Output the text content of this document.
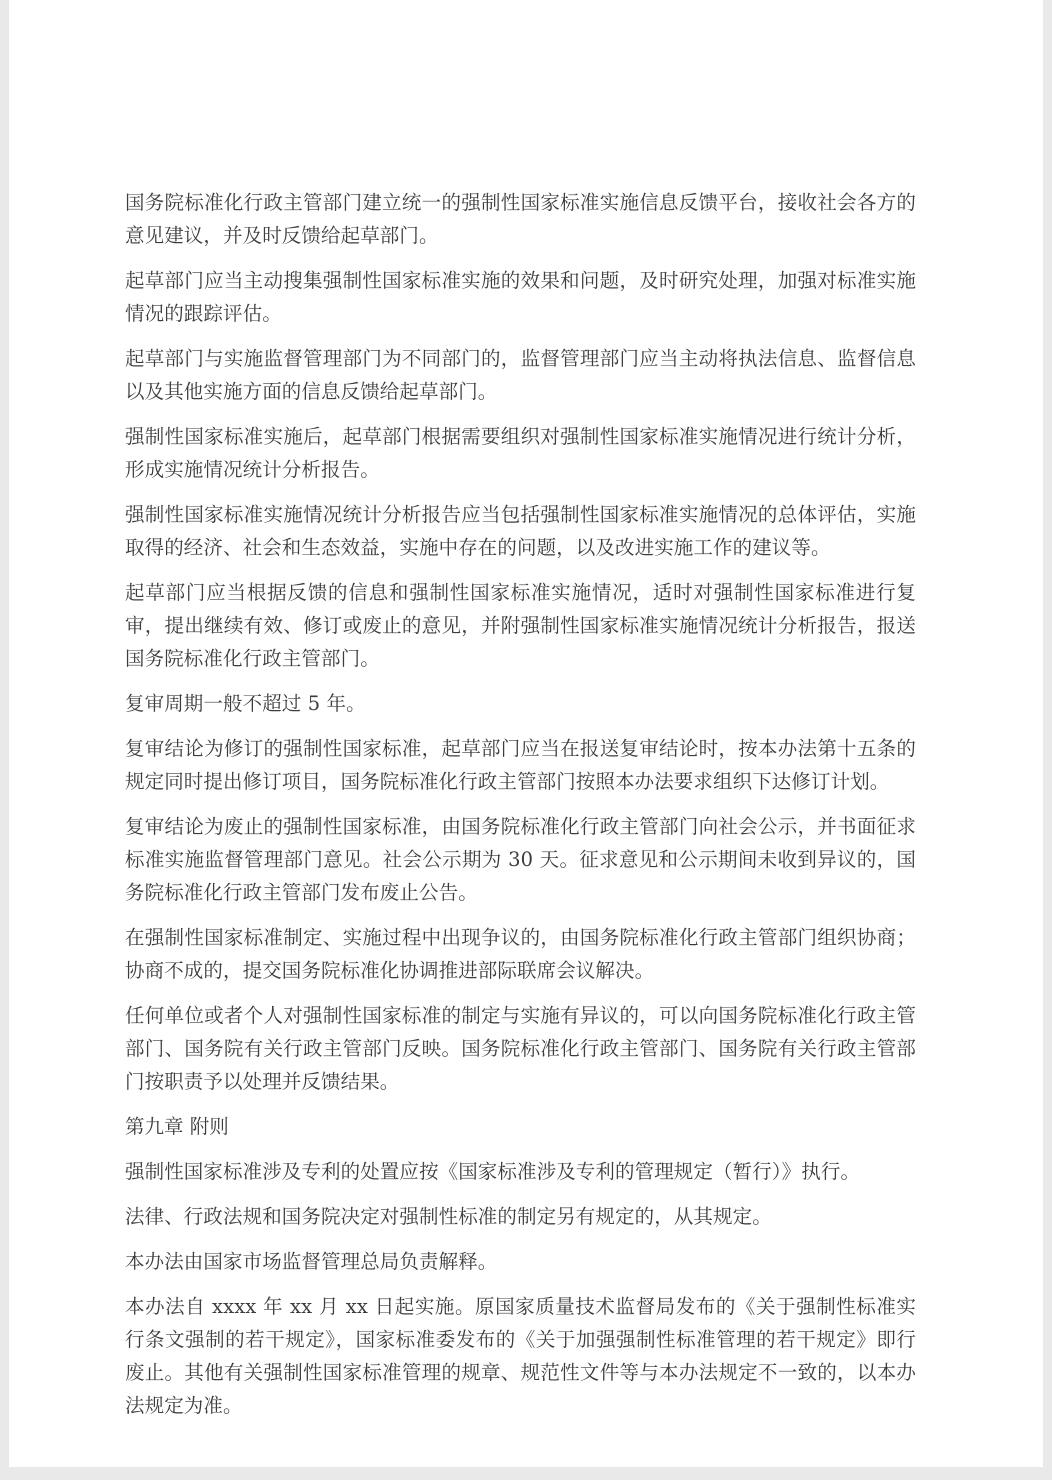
国务院标准化行政主管部门建立统一的强制性国家标准实施信息反馈平台，接收社会各方的意见建议，并及时反馈给起草部门。

起草部门应当主动搜集强制性国家标准实施的效果和问题，及时研究处理，加强对标准实施情况的跟踪评估。

起草部门与实施监督管理部门为不同部门的，监督管理部门应当主动将执法信息、监督信息以及其他实施方面的信息反馈给起草部门。

强制性国家标准实施后，起草部门根据需要组织对强制性国家标准实施情况进行统计分析，形成实施情况统计分析报告。

强制性国家标准实施情况统计分析报告应当包括强制性国家标准实施情况的总体评估，实施取得的经济、社会和生态效益，实施中存在的问题，以及改进实施工作的建议等。

起草部门应当根据反馈的信息和强制性国家标准实施情况，适时对强制性国家标准进行复审，提出继续有效、修订或废止的意见，并附强制性国家标准实施情况统计分析报告，报送国务院标准化行政主管部门。

复审周期一般不超过 5 年。

复审结论为修订的强制性国家标准，起草部门应当在报送复审结论时，按本办法第十五条的规定同时提出修订项目，国务院标准化行政主管部门按照本办法要求组织下达修订计划。

复审结论为废止的强制性国家标准，由国务院标准化行政主管部门向社会公示，并书面征求标准实施监督管理部门意见。社会公示期为 30 天。征求意见和公示期间未收到异议的，国务院标准化行政主管部门发布废止公告。

在强制性国家标准制定、实施过程中出现争议的，由国务院标准化行政主管部门组织协商；协商不成的，提交国务院标准化协调推进部际联席会议解决。

任何单位或者个人对强制性国家标准的制定与实施有异议的，可以向国务院标准化行政主管部门、国务院有关行政主管部门反映。国务院标准化行政主管部门、国务院有关行政主管部门按职责予以处理并反馈结果。

第九章 附则

强制性国家标准涉及专利的处置应按《国家标准涉及专利的管理规定（暂行）》执行。

法律、行政法规和国务院决定对强制性标准的制定另有规定的，从其规定。

本办法由国家市场监督管理总局负责解释。

本办法自 xxxx 年 xx 月 xx 日起实施。原国家质量技术监督局发布的《关于强制性标准实行条文强制的若干规定》，国家标准委发布的《关于加强强制性标准管理的若干规定》即行废止。其他有关强制性国家标准管理的规章、规范性文件等与本办法规定不一致的，以本办法规定为准。
